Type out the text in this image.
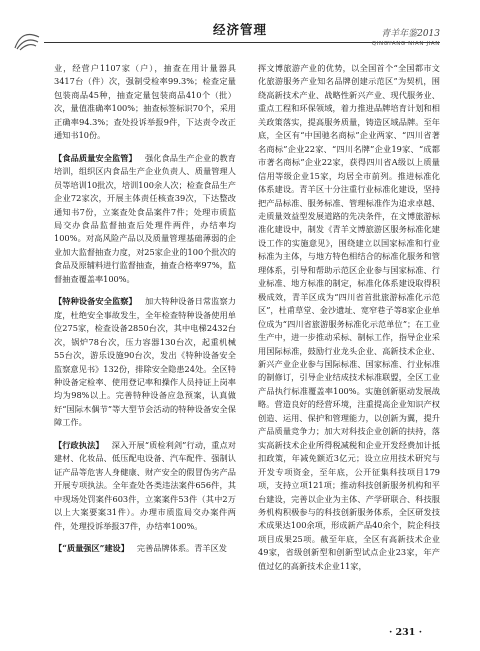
经济管理	青羊年鉴2013
QINGYANG NIAN JIAN

业，经营户1107家（户），抽查在用计量器具3417台（件）次，强制受检率99.3%；检查定量包装商品45种，抽查定量包装商品410个（批）次，量值准确率100%；抽查标签标识70个，采用正确率94.3%；查处投诉举报9件，下达责令改正通知书10份。

【食品质量安全监管】 强化食品生产企业的教育培训，组织区内食品生产企业负责人、质量管理人员等培训10批次，培训100余人次；检查食品生产企业72家次，开展主体责任核查39次，下达整改通知书7份，立案查处食品案件7件；处理市质监局交办食品监督抽查后处理件两件，办结率均100%。对高风险产品以及质量管理基础薄弱的企业加大监督抽查力度，对25家企业的100个批次的食品及原辅料进行监督抽查，抽查合格率97%，监督抽查覆盖率100%。

【特种设备安全监察】 加大特种设备日常监察力度，杜绝安全事故发生，全年检查特种设备使用单位275家，检查设备2850台次，其中电梯2432台次，锅炉78台次，压力容器130台次，起重机械55台次，游乐设施90台次，发出《特种设备安全监察意见书》132份，排除安全隐患24处。全区特种设备定检率、使用登记率和操作人员持证上岗率均为98%以上。完善特种设备应急预案，认真做好“国际木偶节”等大型节会活动的特种设备安全保障工作。

【行政执法】 深入开展“质检利剑”行动，重点对建材、化妆品、低压配电设备、汽车配件、强制认证产品等危害人身健康、财产安全的假冒伪劣产品开展专项执法。全年查处各类违法案件656件，其中现场处罚案件603件，立案案件53件（其中2万以上大案要案31件）。办理市质监局交办案件两件，处理投诉举报37件，办结率100%。

【“质量强区”建设】 完善品牌体系。青羊区发

挥文博旅游产业的优势，以全国首个“全国都市文化旅游服务产业知名品牌创建示范区”为契机，围绕高新技术产业、战略性新兴产业、现代服务业、重点工程和环保领域，着力推进品牌培育计划和相关政策落实，提高服务质量，铸造区域品牌。至年底，全区有“中国驰名商标”企业两家、“四川省著名商标”企业22家、“四川名牌”企业19家、“成都市著名商标”企业22家，获得四川省A级以上质量信用等级企业15家，均居全市前列。推进标准化体系建设。青羊区十分注重行业标准化建设，坚持把产品标准、服务标准、管理标准作为追求卓越、走质量效益型发展道路的先决条件，在文博旅游标准化建设中，制发《青羊文博旅游区服务标准化建设工作的实施意见》，围绕建立以国家标准和行业标准为主体，与地方特色相结合的标准化服务和管理体系，引导和帮助示范区企业参与国家标准、行业标准、地方标准的制定，标准化体系建设取得积极成效，青羊区成为“四川省首批旅游标准化示范区”，杜甫草堂、金沙遗址、宽窄巷子等8家企业单位成为“四川省旅游服务标准化示范单位”；在工业生产中，进一步推动采标、制标工作，指导企业采用国际标准，鼓励行业龙头企业、高新技术企业、新兴产业企业参与国际标准、国家标准、行业标准的制修订，引导企业结成技术标准联盟，全区工业产品执行标准覆盖率100%。实施创新驱动发展战略。营造良好的经营环境，注重提高企业知识产权创造、运用、保护和管理能力，以创新为翼，提升产品质量竞争力；加大对科技企业创新的扶持，落实高新技术企业所得税减税和企业开发经费加计抵扣政策，年减免额近3亿元；设立应用技术研究与开发专项资金，至年底，公开征集科技项目179项，支持立项121项；推动科技创新服务机构和平台建设，完善以企业为主体、产学研联合、科技服务机构积极参与的科技创新服务体系，全区研发技术成果达100余项，形成新产品40余个，院企科技项目成果25项。截至年底，全区有高新技术企业49家，省级创新型和创新型试点企业23家，年产值过亿的高新技术企业11家，

· 231 ·
